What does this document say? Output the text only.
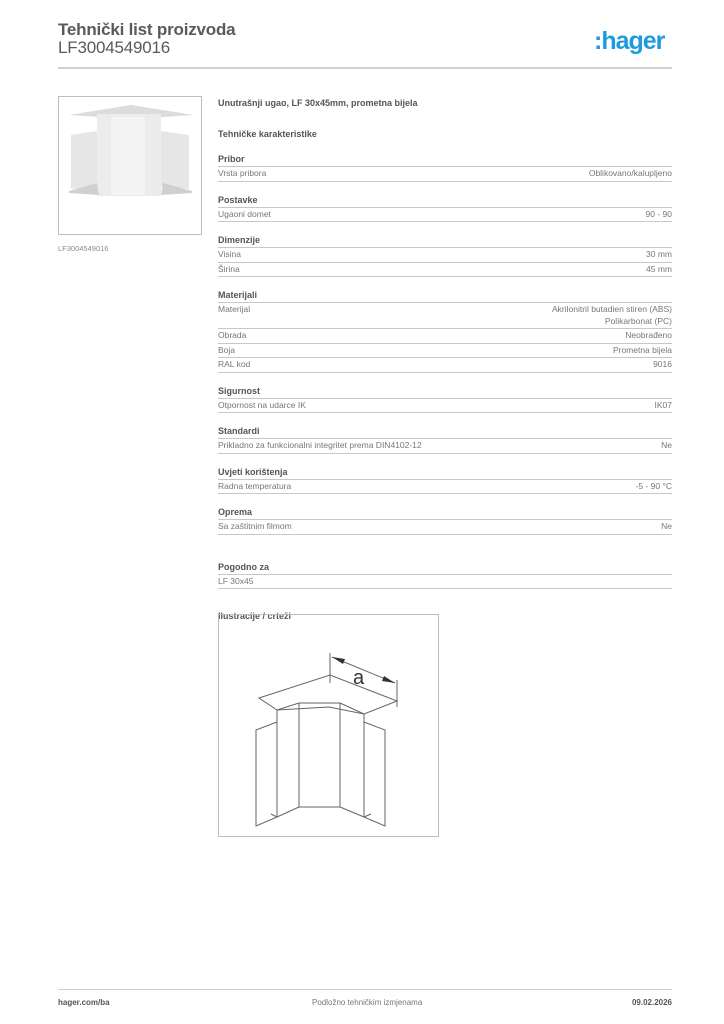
Tehnički list proizvoda
LF3004549016	:hager
LF3004549016
Unutrašnji ugao, LF 30x45mm, prometna bijela
Tehničke karakteristike
Pribor
Vrsta pribora	Oblikovano/kalupljeno
Postavke
Ugaoni domet	90 - 90
Dimenzije
Visina	30 mm
Širina	45 mm
Materijali
Materijal	Akrilonitril butadien stiren (ABS)
Polikarbonat (PC)
Obrada	Neobrađeno
Boja	Prometna bijela
RAL kod	9016
Sigurnost
Otpornost na udarce IK	IK07
Standardi
Prikladno za funkcionalni integritet prema DIN4102-12	Ne
Uvjeti korištenja
Radna temperatura	-5 - 90 °C
Oprema
Sa zaštitnim filmom	Ne
Pogodno za
LF 30x45
Ilustracije / crteži
a
hager.com/ba	Podložno tehničkim izmjenama	09.02.2026
